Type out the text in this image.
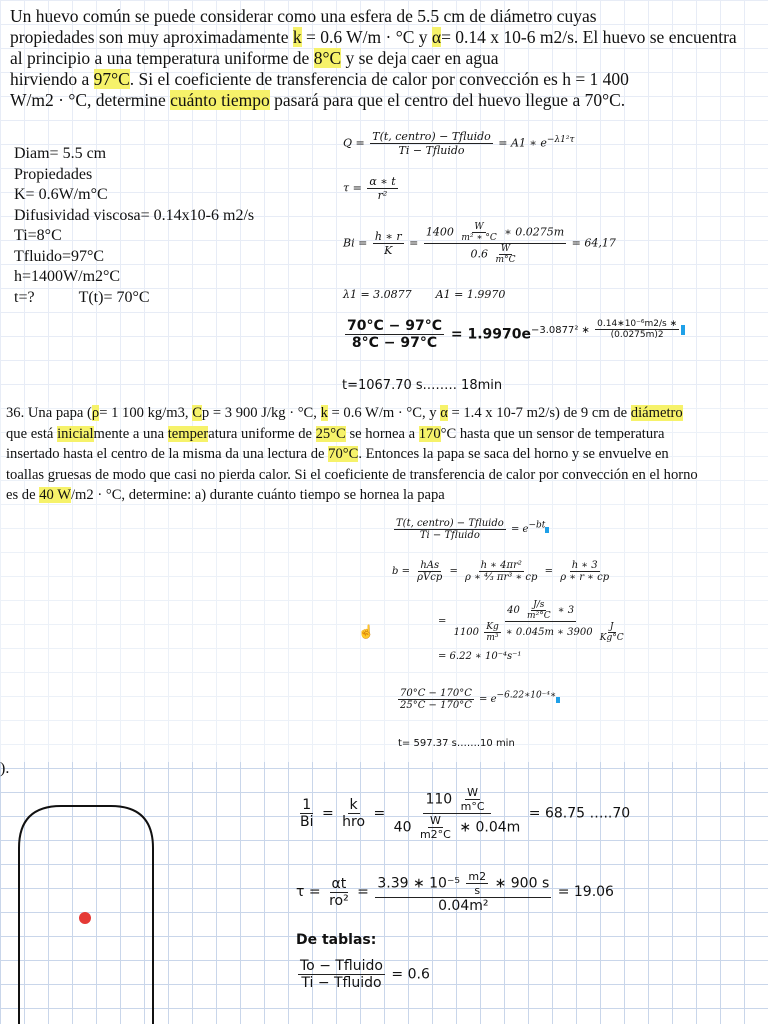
Un huevo común se puede considerar como una esfera de 5.5 cm de diámetro cuyas
propiedades son muy aproximadamente k = 0.6 W/m · °C y α= 0.14 x 10-6 m2/s. El huevo se encuentra
al principio a una temperatura uniforme de 8°C y se deja caer en agua
hirviendo a 97°C. Si el coeficiente de transferencia de calor por convección es h = 1 400
W/m2 · °C, determine cuánto tiempo pasará para que el centro del huevo llegue a 70°C.
Diam= 5.5 cm
Propiedades
K= 0.6W/m°C
Difusividad viscosa= 0.14x10-6 m2/s
Ti=8°C
Tfluido=97°C
h=1400W/m2°C
t=?	T(t)= 70°C
$Q = \frac{\text{T(t, centro) − Tfluido}}{\text{Ti − Tfluido}} = A1$ ∗ $e^{-\lambda 1^2\tau}$
$\tau = \frac{\alpha ∗ t}{\text{r²}}$
$Bi = \frac{h ∗ r}{K} = \frac{1400 \frac{W}{\text{m² ∗ °C}} ∗ 0.0275m}{0.6 \frac{W}{m^\circ C}} = 64,17$
λ1 = 3.0877 A1 = 1.9970
$\frac{70^\circ C - 97^\circ C}{8^\circ C - 97^\circ C} = 1.9970e^{-3.0877^2 ∗ \frac{\text{0.14∗10⁻⁶m2/s ∗}}{(0.0275m)2}}$
t=1067.70 s.……. 18min
36. Una papa (ρ= 1 100 kg/m3, Cp = 3 900 J/kg · °C, k = 0.6 W/m · °C, y α = 1.4 x 10-7 m2/s) de 9 cm de diámetro
que está inicialmente a una temperatura uniforme de 25°C se hornea a 170°C hasta que un sensor de temperatura
insertado hasta el centro de la misma da una lectura de 70°C. Entonces la papa se saca del horno y se envuelve en
toallas gruesas de modo que casi no pierda calor. Si el coeficiente de transferencia de calor por convección en el horno
es de 40 W/m2 · °C, determine: a) durante cuánto tiempo se hornea la papa
$\frac{\text{T(t, centro) − Tfluido}}{\text{Ti − Tfluido}} = e^{-bt}$
$b = \frac{\text{hAs}}{\text{ρVcp}} = \frac{\text{h ∗ 4πr²}}{\text{ρ ∗ ⁴⁄₃ πr³ ∗ cp}} = \frac{h ∗ 3}{\rho ∗ r ∗ cp}$
= $\frac{40 \frac{J/s}{\text{m²°C}} ∗ 3}{1100 \frac{Kg}{\text{m³}} ∗ 0.045m ∗ 3900 \frac{J}{Kg^\circ C}}$
= 6.22 ∗ 10⁻⁴s⁻¹
$\frac{70^\circ C - 170^\circ C}{25^\circ C - 170^\circ C} = e^{-6.22∗10^{-4}∗}$
t= 597.37 s…….10 min
☝
).
$\frac{1}{Bi} = \frac{k}{\text{hro}} = \frac{110 \frac{W}{m^\circ C}}{40 \frac{W}{m2^\circ C} ∗ 0.04m} = 68.75$ …..70
$\tau = \frac{\alpha t}{\text{ro²}} = \frac{3.39 ∗ 10^{-5} \frac{m2}{s} ∗ 900 s}{\text{0.04m²}} = 19.06$
De tablas:
$\frac{\text{To − Tfluido}}{\text{Ti − Tfluido}} = 0.6$
